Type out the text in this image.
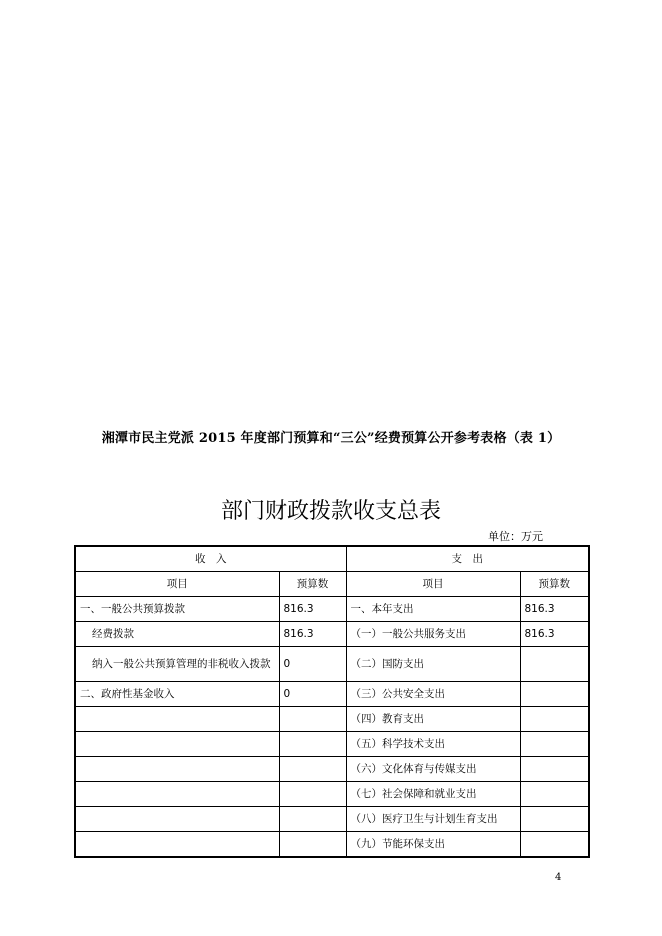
湘潭市民主党派 2015 年度部门预算和“三公”经费预算公开参考表格（表 1）
部门财政拨款收支总表
单位：万元
收　入		支　出	
项目	预算数	项目	预算数
一、一般公共预算拨款	816.3	一、本年支出	816.3
经费拨款	816.3	（一）一般公共服务支出	816.3
纳入一般公共预算管理的非税收入拨款	0	（二）国防支出	
二、政府性基金收入	0	（三）公共安全支出	
		（四）教育支出	
		（五）科学技术支出	
		（六）文化体育与传媒支出	
		（七）社会保障和就业支出	
		（八）医疗卫生与计划生育支出	
		（九）节能环保支出	
4
